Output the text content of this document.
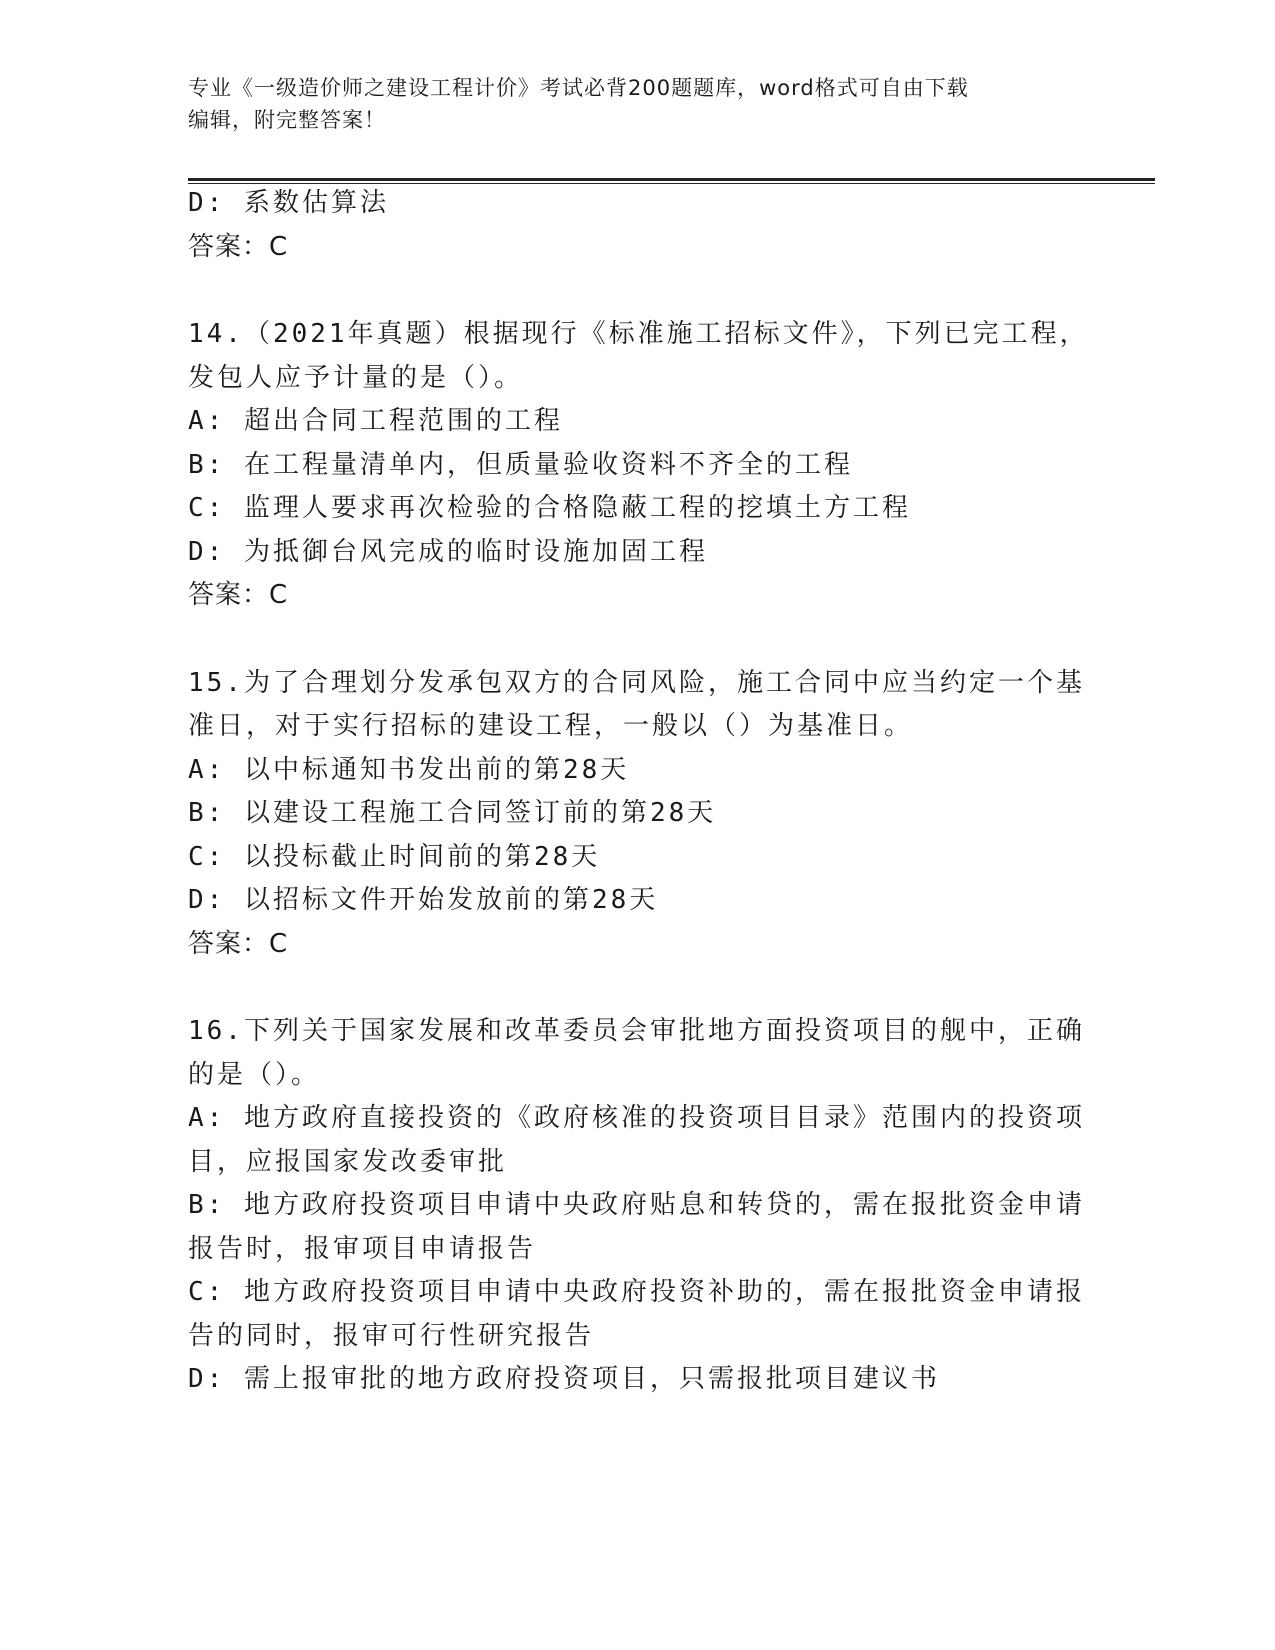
专业《一级造价师之建设工程计价》考试必背200题题库，word格式可自由下载
编辑，附完整答案！
D: 系数估算法
答案：C
14.（2021年真题）根据现行《标准施工招标文件》，下列已完工程，
发包人应予计量的是（）。
A: 超出合同工程范围的工程
B: 在工程量清单内，但质量验收资料不齐全的工程
C: 监理人要求再次检验的合格隐蔽工程的挖填土方工程
D: 为抵御台风完成的临时设施加固工程
答案：C
15.为了合理划分发承包双方的合同风险，施工合同中应当约定一个基
准日，对于实行招标的建设工程，一般以（）为基准日。
A: 以中标通知书发出前的第28天
B: 以建设工程施工合同签订前的第28天
C: 以投标截止时间前的第28天
D: 以招标文件开始发放前的第28天
答案：C
16.下列关于国家发展和改革委员会审批地方面投资项目的舰中，正确
的是（）。
A: 地方政府直接投资的《政府核准的投资项目目录》范围内的投资项
目，应报国家发改委审批
B: 地方政府投资项目申请中央政府贴息和转贷的，需在报批资金申请
报告时，报审项目申请报告
C: 地方政府投资项目申请中央政府投资补助的，需在报批资金申请报
告的同时，报审可行性研究报告
D: 需上报审批的地方政府投资项目，只需报批项目建议书
